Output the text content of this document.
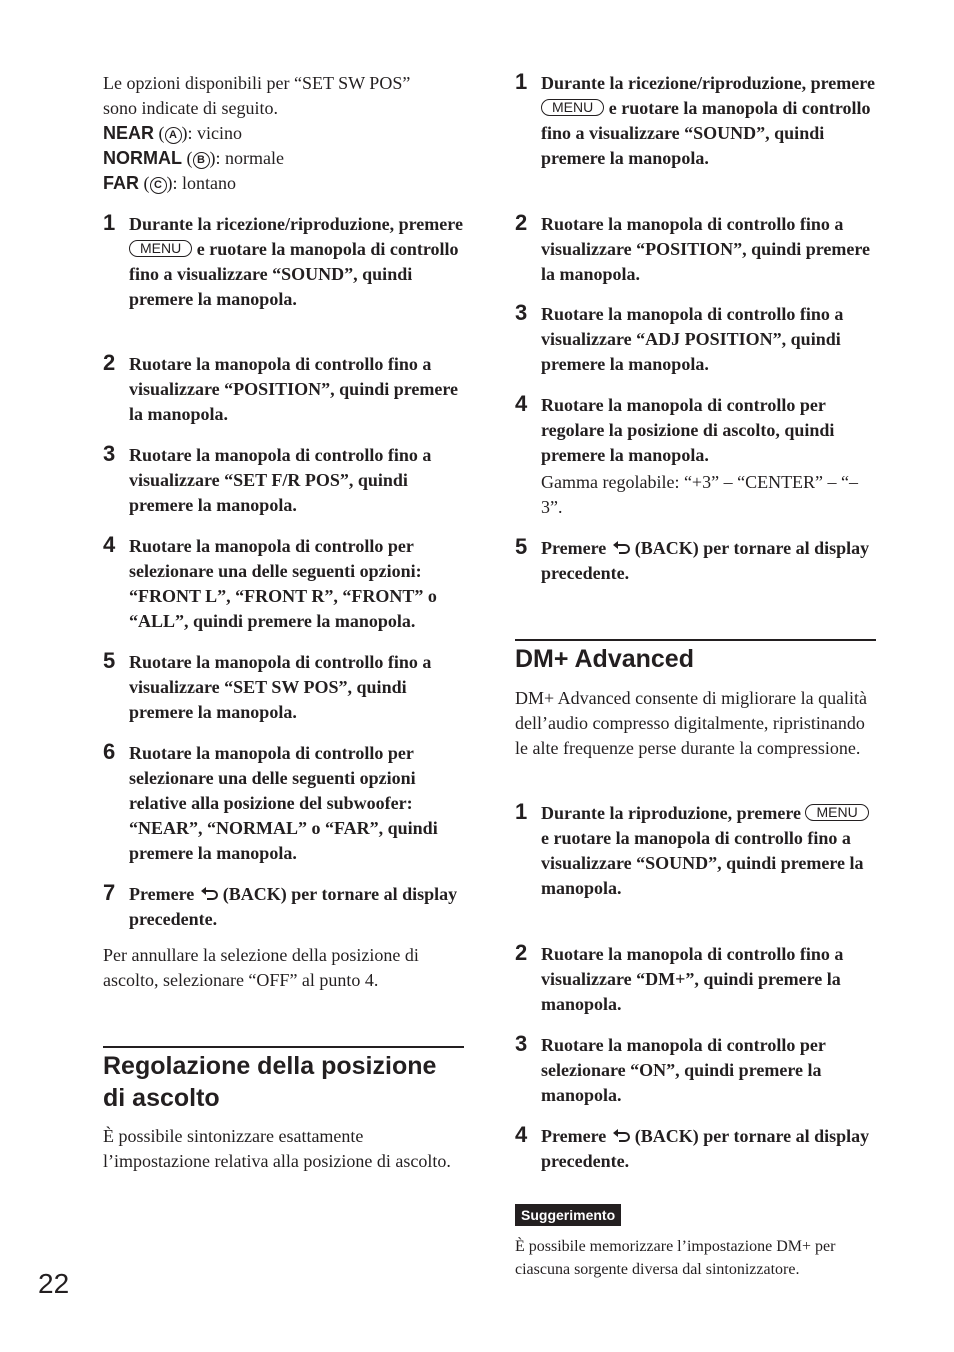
Le opzioni disponibili per “SET SW POS”
sono indicate di seguito.
NEAR ( A ): vicino
NORMAL ( B ): normale
FAR ( C ): lontano
1 Durante la ricezione/riproduzione, premere MENU e ruotare la manopola di controllo fino a visualizzare “SOUND”, quindi premere la manopola.
2 Ruotare la manopola di controllo fino a visualizzare “POSITION”, quindi premere la manopola.
3 Ruotare la manopola di controllo fino a visualizzare “SET F/R POS”, quindi premere la manopola.
4 Ruotare la manopola di controllo per selezionare una delle seguenti opzioni: “FRONT L”, “FRONT R”, “FRONT” o “ALL”, quindi premere la manopola.
5 Ruotare la manopola di controllo fino a visualizzare “SET SW POS”, quindi premere la manopola.
6 Ruotare la manopola di controllo per selezionare una delle seguenti opzioni relative alla posizione del subwoofer: “NEAR”, “NORMAL” o “FAR”, quindi premere la manopola.
7 Premere (BACK) per tornare al display precedente.
Per annullare la selezione della posizione di ascolto, selezionare “OFF” al punto 4.
Regolazione della posizione di ascolto
È possibile sintonizzare esattamente l’impostazione relativa alla posizione di ascolto.
1 Durante la ricezione/riproduzione, premere MENU e ruotare la manopola di controllo fino a visualizzare “SOUND”, quindi premere la manopola.
2 Ruotare la manopola di controllo fino a visualizzare “POSITION”, quindi premere la manopola.
3 Ruotare la manopola di controllo fino a visualizzare “ADJ POSITION”, quindi premere la manopola.
4 Ruotare la manopola di controllo per regolare la posizione di ascolto, quindi premere la manopola.
Gamma regolabile: “+3” – “CENTER” – “–3”.
5 Premere (BACK) per tornare al display precedente.
DM+ Advanced
DM+ Advanced consente di migliorare la qualità dell’audio compresso digitalmente, ripristinando le alte frequenze perse durante la compressione.
1 Durante la riproduzione, premere MENU e ruotare la manopola di controllo fino a visualizzare “SOUND”, quindi premere la manopola.
2 Ruotare la manopola di controllo fino a visualizzare “DM+”, quindi premere la manopola.
3 Ruotare la manopola di controllo per selezionare “ON”, quindi premere la manopola.
4 Premere (BACK) per tornare al display precedente.
Suggerimento
È possibile memorizzare l’impostazione DM+ per ciascuna sorgente diversa dal sintonizzatore.
22
